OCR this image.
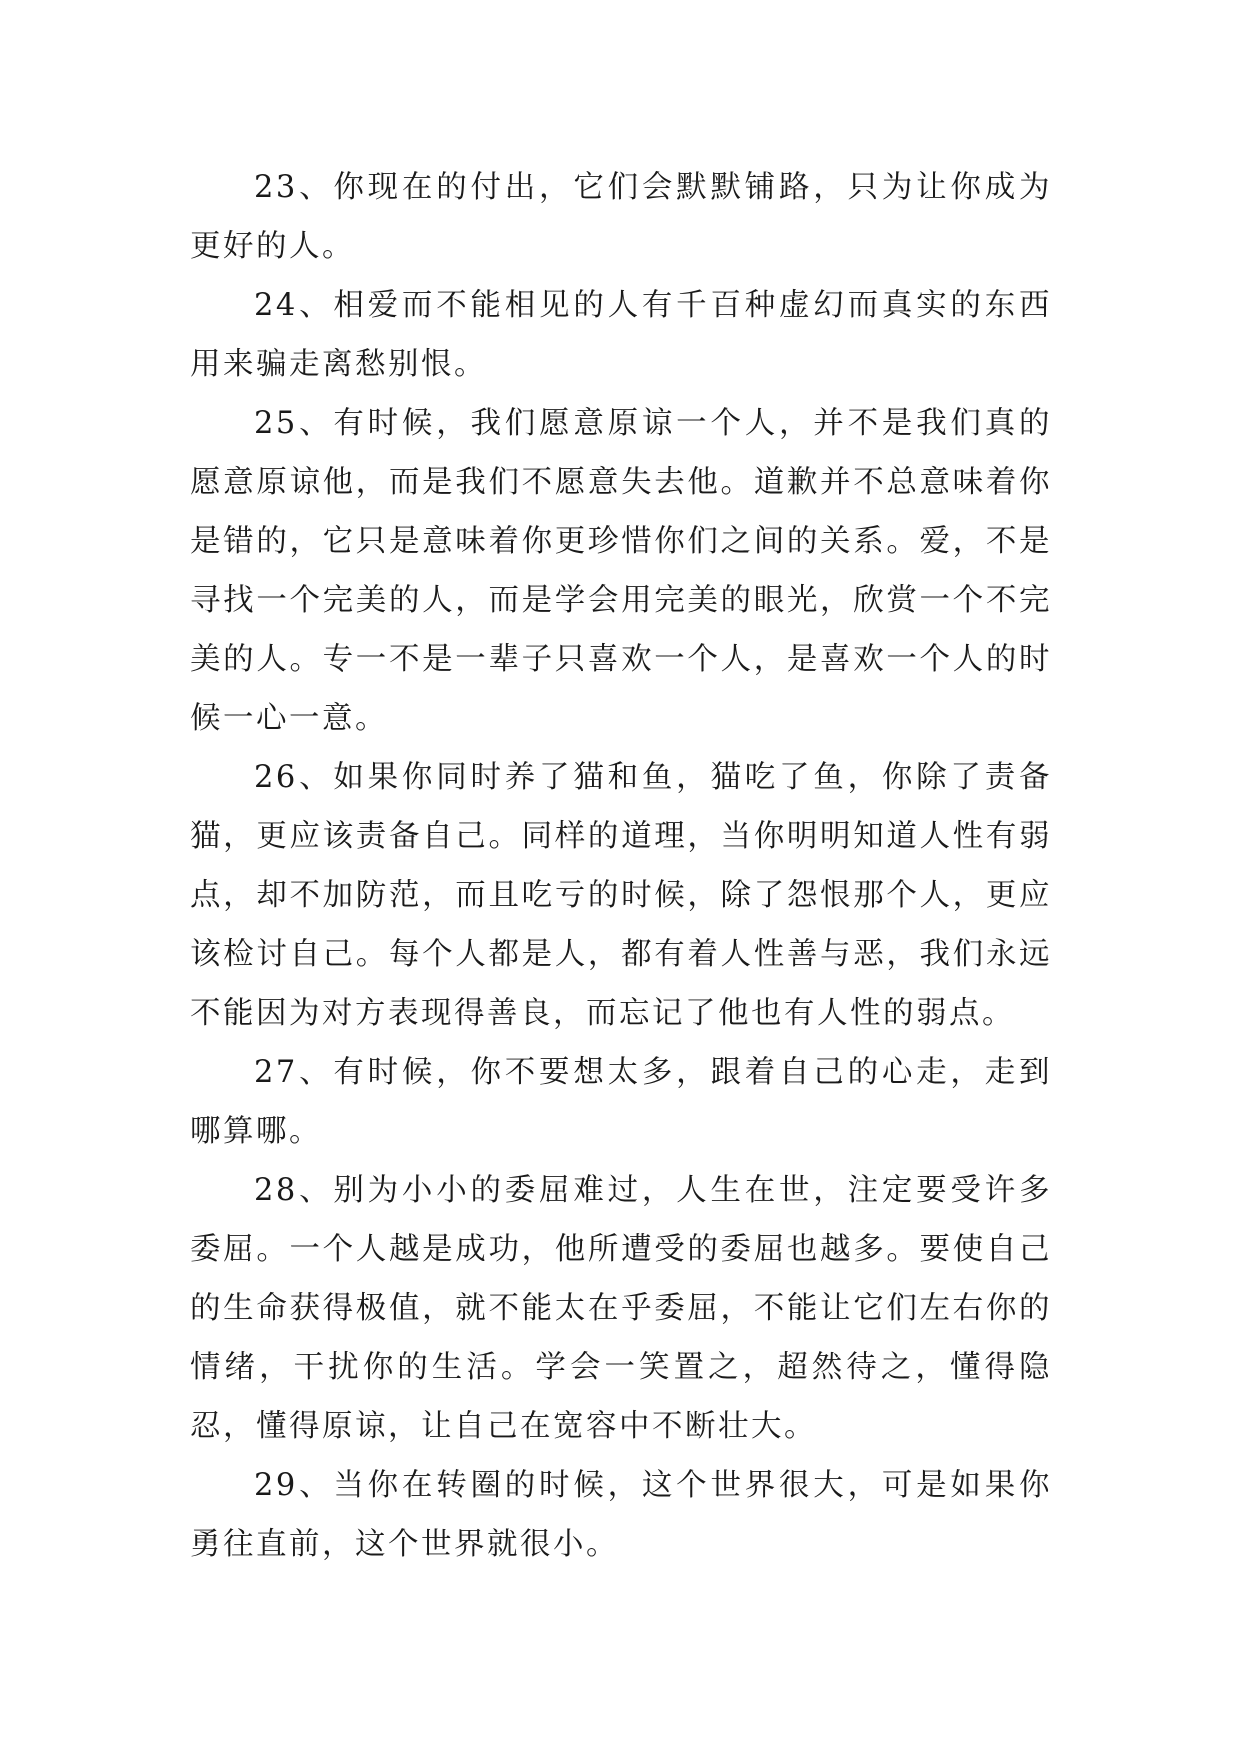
23、你现在的付出，它们会默默铺路，只为让你成为更好的人。

24、相爱而不能相见的人有千百种虚幻而真实的东西用来骗走离愁别恨。

25、有时候，我们愿意原谅一个人，并不是我们真的愿意原谅他，而是我们不愿意失去他。道歉并不总意味着你是错的，它只是意味着你更珍惜你们之间的关系。爱，不是寻找一个完美的人，而是学会用完美的眼光，欣赏一个不完美的人。专一不是一辈子只喜欢一个人，是喜欢一个人的时候一心一意。

26、如果你同时养了猫和鱼，猫吃了鱼，你除了责备猫，更应该责备自己。同样的道理，当你明明知道人性有弱点，却不加防范，而且吃亏的时候，除了怨恨那个人，更应该检讨自己。每个人都是人，都有着人性善与恶，我们永远不能因为对方表现得善良，而忘记了他也有人性的弱点。

27、有时候，你不要想太多，跟着自己的心走，走到哪算哪。

28、别为小小的委屈难过，人生在世，注定要受许多委屈。一个人越是成功，他所遭受的委屈也越多。要使自己的生命获得极值，就不能太在乎委屈，不能让它们左右你的情绪，干扰你的生活。学会一笑置之，超然待之，懂得隐忍，懂得原谅，让自己在宽容中不断壮大。

29、当你在转圈的时候，这个世界很大，可是如果你勇往直前，这个世界就很小。
